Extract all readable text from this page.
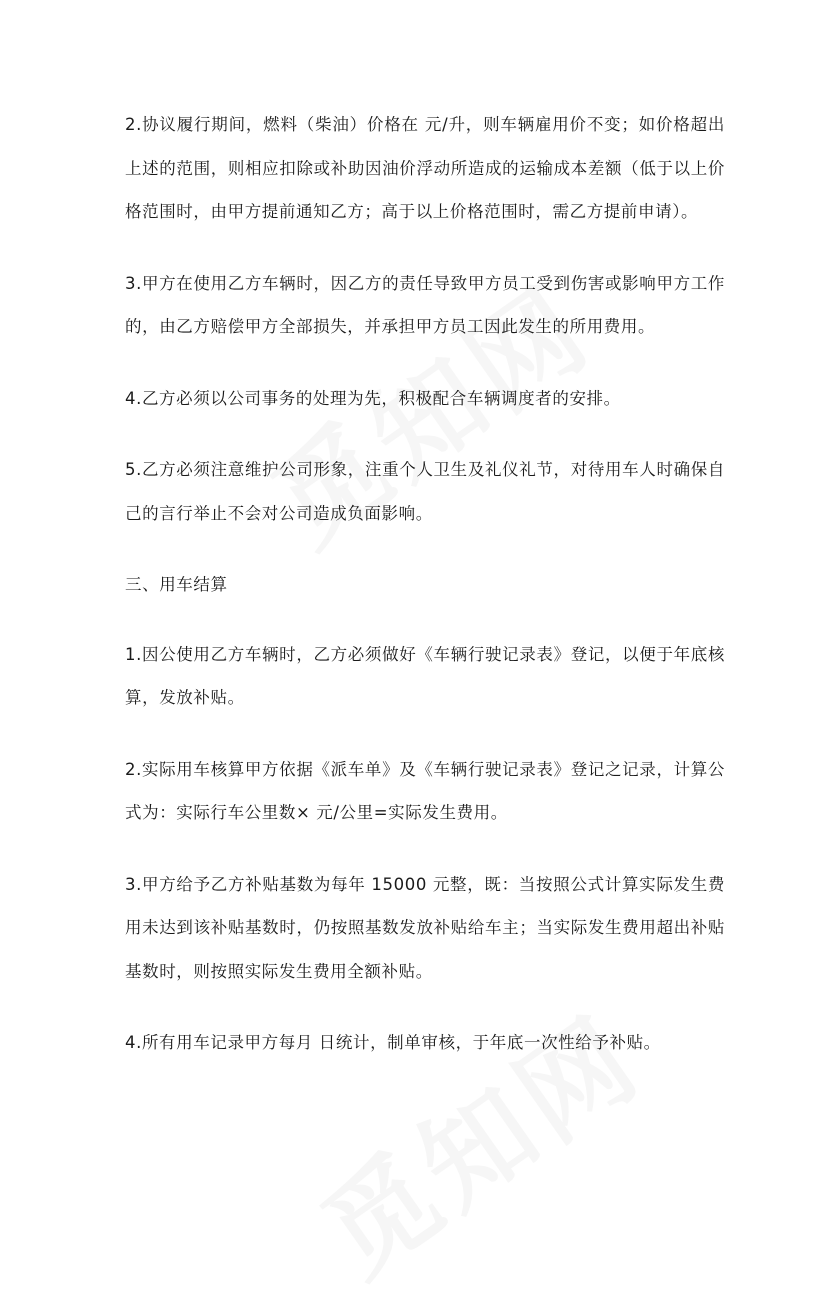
2.协议履行期间，燃料（柴油）价格在 元/升，则车辆雇用价不变；如价格超出上述的范围，则相应扣除或补助因油价浮动所造成的运输成本差额（低于以上价格范围时，由甲方提前通知乙方；高于以上价格范围时，需乙方提前申请）。

3.甲方在使用乙方车辆时，因乙方的责任导致甲方员工受到伤害或影响甲方工作的，由乙方赔偿甲方全部损失，并承担甲方员工因此发生的所用费用。

4.乙方必须以公司事务的处理为先，积极配合车辆调度者的安排。

5.乙方必须注意维护公司形象，注重个人卫生及礼仪礼节，对待用车人时确保自己的言行举止不会对公司造成负面影响。

三、用车结算

1.因公使用乙方车辆时，乙方必须做好《车辆行驶记录表》登记，以便于年底核算，发放补贴。

2.实际用车核算甲方依据《派车单》及《车辆行驶记录表》登记之记录，计算公式为：实际行车公里数× 元/公里=实际发生费用。

3.甲方给予乙方补贴基数为每年 15000 元整，既：当按照公式计算实际发生费用未达到该补贴基数时，仍按照基数发放补贴给车主；当实际发生费用超出补贴基数时，则按照实际发生费用全额补贴。

4.所有用车记录甲方每月 日统计，制单审核，于年底一次性给予补贴。
